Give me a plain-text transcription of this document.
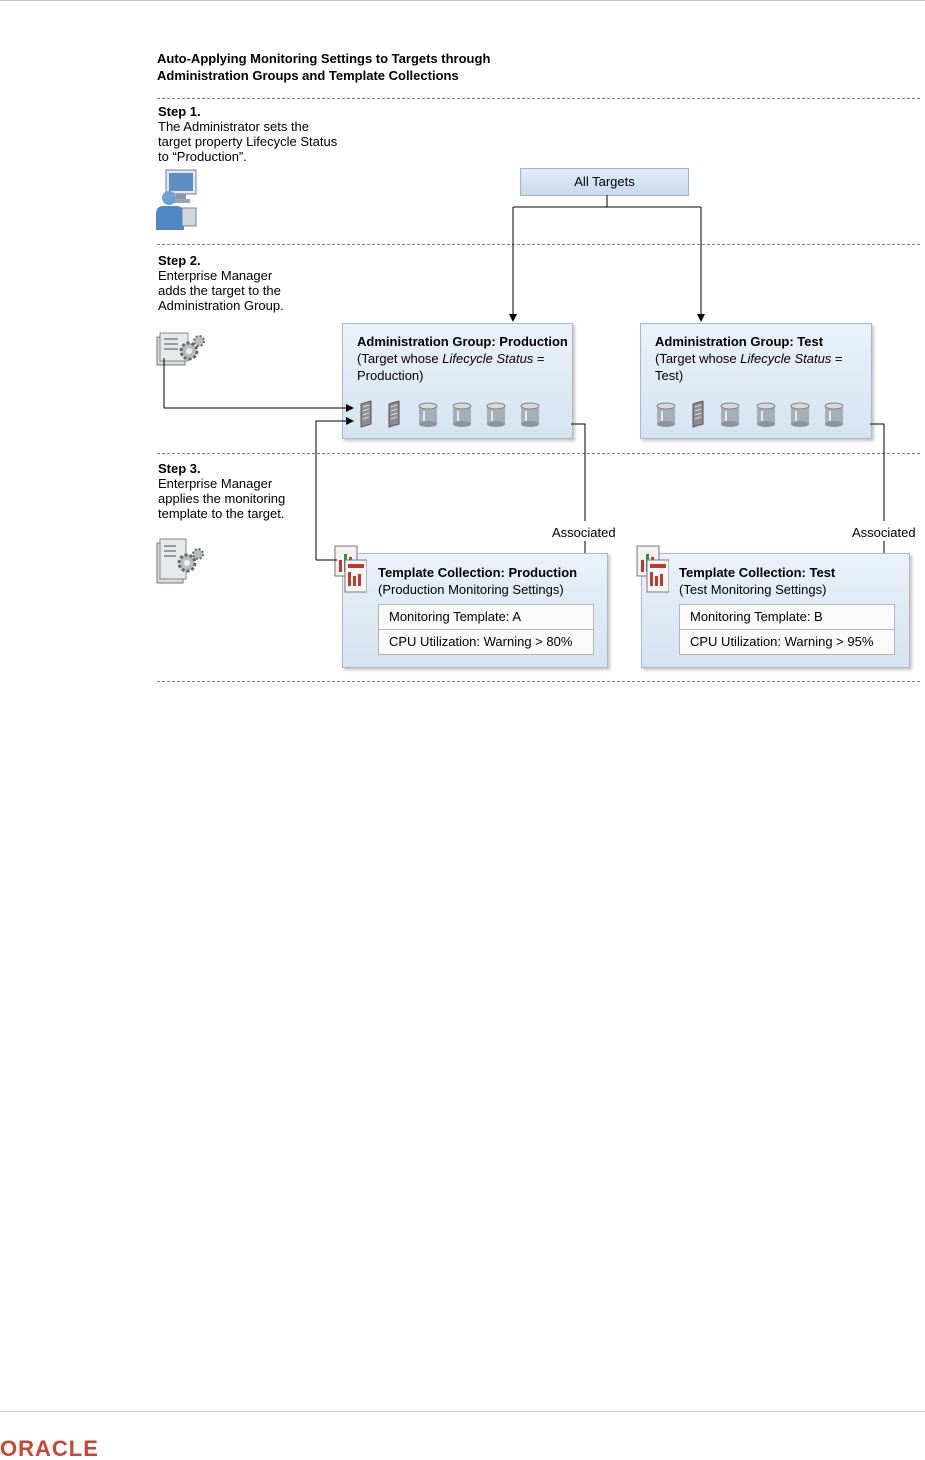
Auto-Applying Monitoring Settings to Targets through
Administration Groups and Template Collections
Step 1.
The Administrator sets the
target property Lifecycle Status
to “Production”.
Step 2.
Enterprise Manager
adds the target to the
Administration Group.
Step 3.
Enterprise Manager
applies the monitoring
template to the target.
All Targets
Administration Group: Production
(Target whose Lifecycle Status =
Production)
Administration Group: Test
(Target whose Lifecycle Status =
Test)
Template Collection: Production
(Production Monitoring Settings)
Monitoring Template: A
CPU Utilization: Warning > 80%
Template Collection: Test
(Test Monitoring Settings)
Monitoring Template: B
CPU Utilization: Warning > 95%
Associated	Associated
ORACLE
